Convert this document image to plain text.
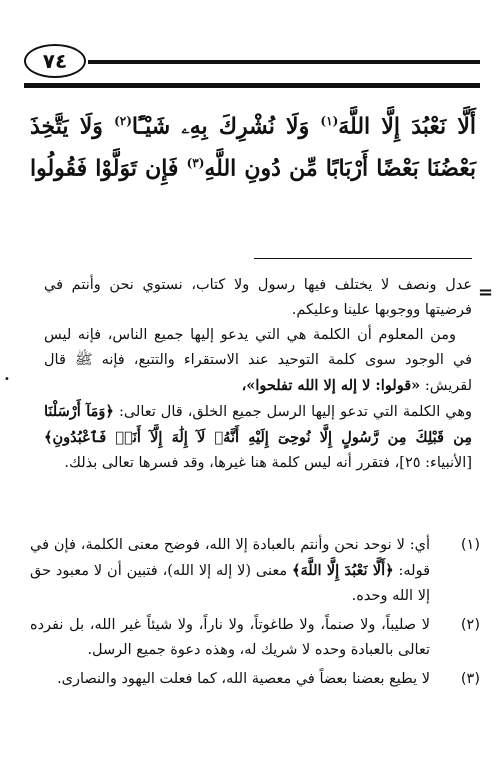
٧٤
أَلَّا نَعْبُدَ إِلَّا اللَّهَ$^{(١)}$ وَلَا نُشْرِكَ بِهِۦ شَيْـًٔا$^{(٢)}$ وَلَا يَتَّخِذَ
بَعْضُنَا بَعْضًا أَرْبَابًا مِّن دُونِ اللَّهِ$^{(٣)}$ فَإِن تَوَلَّوْا فَقُولُوا
=
•

عدل ونصف لا يختلف فيها رسول ولا كتاب، نستوي نحن وأنتم في فرضيتها ووجوبها علينا وعليكم.

ومن المعلوم أن الكلمة هي التي يدعو إليها جميع الناس، فإنه ليس في الوجود سوى كلمة التوحيد عند الاستقراء والتتبع، فإنه ﷺ قال لقريش: «قولوا: لا إله إلا الله تفلحوا»،

وهي الكلمة التي تدعو إليها الرسل جميع الخلق، قال تعالى: ﴿وَمَآ أَرْسَلْنَا مِن قَبْلِكَ مِن رَّسُولٍ إِلَّا نُوحِىٓ إِلَيْهِ أَنَّهُۥ لَآ إِلَٰهَ إِلَّآ أَنَا۠ فَٱعْبُدُونِ﴾ [الأنبياء: ٢٥]، فتقرر أنه ليس كلمة هنا غيرها، وقد فسرها تعالى بذلك.

(١)
أي: لا نوحد نحن وأنتم بالعبادة إلا الله، فوضح معنى الكلمة، فإن في قوله: ﴿أَلَّا نَعْبُدَ إِلَّا اللَّهَ﴾ معنى (لا إله إلا الله)، فتبين أن لا معبود حق إلا الله وحده.
(٢)
لا صليباً، ولا صنماً، ولا طاغوتاً، ولا ناراً، ولا شيئاً غير الله، بل نفرده تعالى بالعبادة وحده لا شريك له، وهذه دعوة جميع الرسل.
(٣)
لا يطيع بعضنا بعضاً في معصية الله، كما فعلت اليهود والنصارى.
